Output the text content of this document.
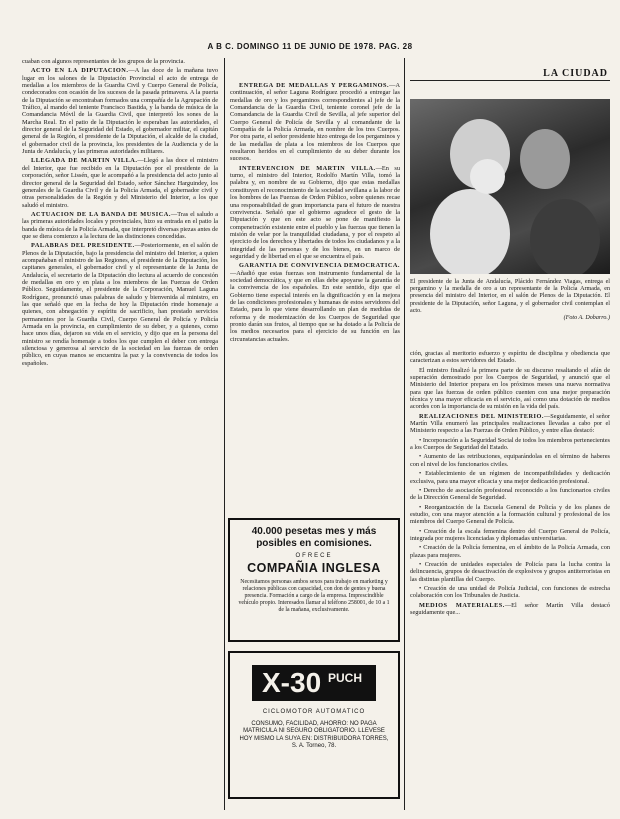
A B C. DOMINGO 11 DE JUNIO DE 1978. PAG. 28
LA CIUDAD

cuaban con algunos representantes de los grupos de la provincia.

ACTO EN LA DIPUTACION.—A las doce de la mañana tuvo lugar en los salones de la Diputación Provincial el acto de entrega de medallas a los miembros de la Guardia Civil y Cuerpo General de Policía, condecorados con ocasión de los sucesos de la pasada primavera. A la puerta de la Diputación se encontraban formados una compañía de la Agrupación de Tráfico, al mando del teniente Francisco Bastida, y la banda de música de la Comandancia Móvil de la Guardia Civil, que interpretó los sones de la Marcha Real. En el patio de la Diputación le esperaban las autoridades, el director general de la Seguridad del Estado, el gobernador militar, el capitán general de la Región, el presidente de la Diputación, el alcalde de la ciudad, el gobernador civil de la provincia, los presidentes de la Audiencia y de la Junta de Andalucía, y las primeras autoridades militares.

LLEGADA DE MARTIN VILLA.—Llegó a las doce el ministro del Interior, que fue recibido en la Diputación por el presidente de la corporación, señor Lissén, que le acompañó a la presidencia del acto junto al director general de la Seguridad del Estado, señor Sánchez Harguindey, los generales de la Guardia Civil y de la Policía Armada, el gobernador civil y otras personalidades de la Región y del Ministerio del Interior, a los que saludó el ministro.

ACTUACION DE LA BANDA DE MUSICA.—Tras el saludo a las primeras autoridades locales y provinciales, hizo su entrada en el patio la banda de música de la Policía Armada, que interpretó diversas piezas antes de que se diera comienzo a la lectura de las distinciones concedidas.

PALABRAS DEL PRESIDENTE.—Posteriormente, en el salón de Plenos de la Diputación, bajo la presidencia del ministro del Interior, a quien acompañaban el ministro de las Regiones, el presidente de la Diputación, los capitanes generales, el gobernador civil y el representante de la Junta de Andalucía, el secretario de la Diputación dio lectura al acuerdo de concesión de medallas en oro y en plata a los miembros de las Fuerzas de Orden Público. Seguidamente, el presidente de la Corporación, Manuel Laguna Rodríguez, pronunció unas palabras de saludo y bienvenida al ministro, en las que señaló que en la fecha de hoy la Diputación rinde homenaje a quienes, con abnegación y espíritu de sacrificio, han prestado servicios permanentes por la Guardia Civil, Cuerpo General de Policía y Policía Armada en la provincia, en cumplimiento de su deber, y a quienes, como hace unos días, dejaron su vida en el servicio, y dijo que en la persona del ministro se rendía homenaje a todos los que cumplen el deber con entrega silenciosa y generosa al servicio de la sociedad en las fuerzas de orden público, en cuyas manos se encuentra la paz y la convivencia de todos los españoles.

ENTREGA DE MEDALLAS Y PERGAMINOS.—A continuación, el señor Laguna Rodríguez procedió a entregar las medallas de oro y los pergaminos correspondientes al jefe de la Comandancia de la Guardia Civil, teniente coronel jefe de la Comandancia de la Guardia Civil de Sevilla, al jefe superior del Cuerpo General de Policía de Sevilla y al comandante de la Compañía de la Policía Armada, en nombre de los tres Cuerpos. Por otra parte, el señor presidente hizo entrega de los pergaminos y de las medallas de plata a los miembros de los Cuerpos que resultaron heridos en el cumplimiento de su deber durante los sucesos.

INTERVENCION DE MARTIN VILLA.—En su turno, el ministro del Interior, Rodolfo Martín Villa, tomó la palabra y, en nombre de su Gobierno, dijo que estas medallas constituyen el reconocimiento de la sociedad sevillana a la labor de los hombres de las Fuerzas de Orden Público, sobre quienes recae una responsabilidad de gran importancia para el futuro de nuestra convivencia. Señaló que el gobierno agradece el gesto de la Diputación y que en este acto se pone de manifiesto la compenetración existente entre el pueblo y las fuerzas que tienen la misión de velar por la tranquilidad ciudadana, y por el respeto al ejercicio de los derechos y libertades de todos los ciudadanos y a la integridad de las personas y de los bienes, en un marco de seguridad y de libertad en el que se encuentra el país.

GARANTIA DE CONVIVENCIA DEMOCRATICA.—Añadió que estas fuerzas son instrumento fundamental de la sociedad democrática, y que en ellas debe apoyarse la garantía de la convivencia de los españoles. En este sentido, dijo que el Gobierno tiene especial interés en la dignificación y en la mejora de las condiciones profesionales y humanas de estos servidores del Estado, para lo que viene desarrollando un plan de medidas de reforma y de modernización de los Cuerpos de Seguridad que pronto darán sus frutos, al tiempo que se ha dotado a la Policía de los medios necesarios para el ejercicio de su función en las circunstancias actuales.

ción, gracias al meritorio esfuerzo y espíritu de disciplina y obediencia que caracterizan a estos servidores del Estado.

El ministro finalizó la primera parte de su discurso resaltando el afán de superación demostrado por los Cuerpos de Seguridad, y anunció que el Ministerio del Interior prepara en los próximos meses una nueva normativa para que las fuerzas de orden público cuenten con una mejor preparación técnica y una mayor eficacia en el servicio, así como una dotación de medios acordes con la importancia de su misión en la vida del país.

REALIZACIONES DEL MINISTERIO.—Seguidamente, el señor Martín Villa enumeró las principales realizaciones llevadas a cabo por el Ministerio respecto a las Fuerzas de Orden Público, y entre ellas destacó:

• Incorporación a la Seguridad Social de todos los miembros pertenecientes a los Cuerpos de Seguridad del Estado.

• Aumento de las retribuciones, equiparándolas en el término de haberes con el nivel de los funcionarios civiles.

• Establecimiento de un régimen de incompatibilidades y dedicación exclusiva, para una mayor eficacia y una mejor dedicación profesional.

• Derecho de asociación profesional reconocido a los funcionarios civiles de la Dirección General de Seguridad.

• Reorganización de la Escuela General de Policía y de los planes de estudio, con una mayor atención a la formación cultural y profesional de los miembros del Cuerpo General de Policía.

• Creación de la escala femenina dentro del Cuerpo General de Policía, integrada por mujeres licenciadas y diplomadas universitarias.

• Creación de la Policía femenina, en el ámbito de la Policía Armada, con plazas para mujeres.

• Creación de unidades especiales de Policía para la lucha contra la delincuencia, grupos de desactivación de explosivos y grupos antiterroristas en las distintas plantillas del Cuerpo.

• Creación de una unidad de Policía Judicial, con funciones de estrecha colaboración con los Tribunales de Justicia.

MEDIOS MATERIALES.—El señor Martín Villa destacó seguidamente que...

El presidente de la Junta de Andalucía, Plácido Fernández Viagas, entrega el pergamino y la medalla de oro a un representante de la Policía Armada, en presencia del ministro del Interior, en el salón de Plenos de la Diputación. El presidente de la Diputación, señor Laguna, y el gobernador civil contemplan el acto.
(Foto A. Dobarro.)
40.000 pesetas mes y más posibles en comisiones.
OFRECE
COMPAÑIA INGLESA
Necesitamos personas ambos sexos para trabajo en marketing y relaciones públicas con capacidad, con don de gentes y buena presencia. Formación a cargo de la empresa. Imprescindible vehículo propio. Interesados llamar al teléfono 258001, de 10 a 1 de la mañana, exclusivamente.
X-30 PUCH
CICLOMOTOR AUTOMATICO
CONSUMO, FACILIDAD, AHORRO: NO PAGA MATRICULA NI SEGURO OBLIGATORIO. LLEVESE HOY MISMO LA SUYA EN: DISTRIBUIDORA TORRES, S. A. Torneo, 78.
